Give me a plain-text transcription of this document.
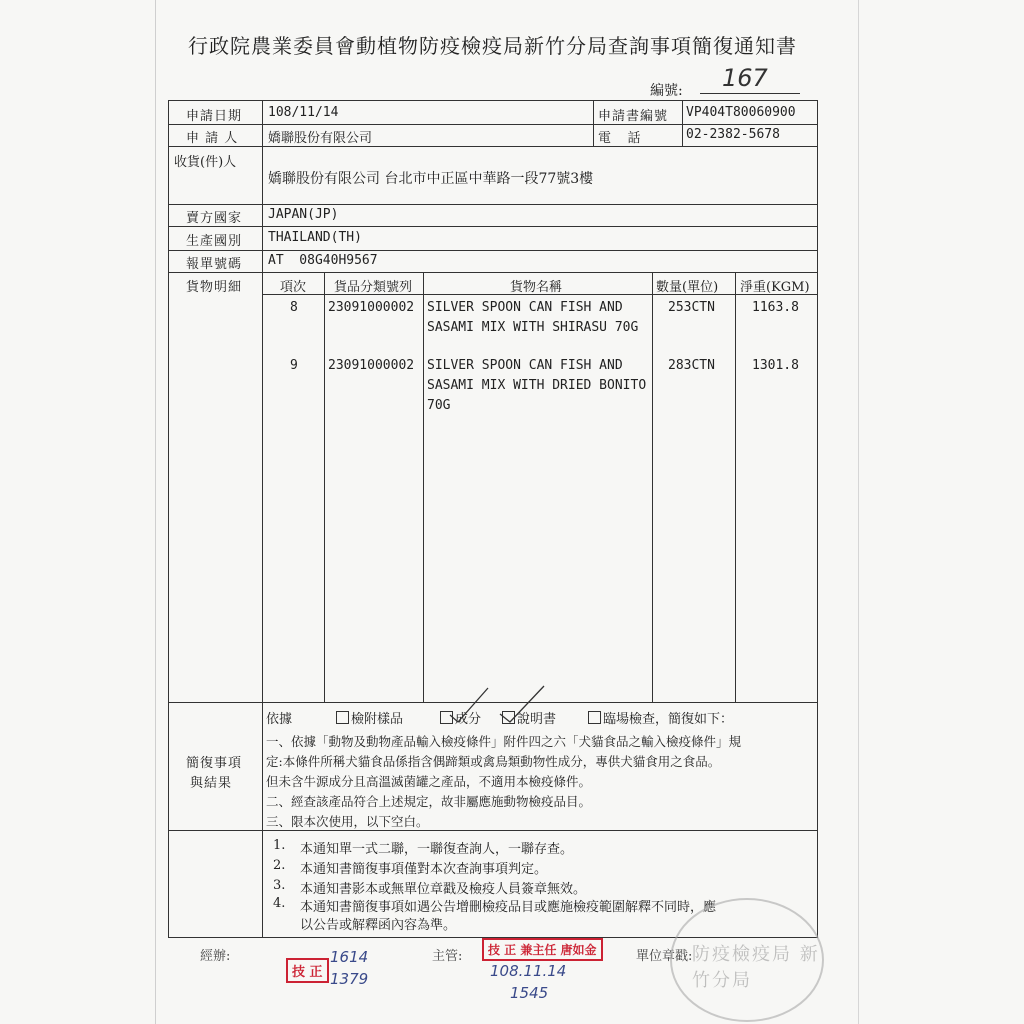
行政院農業委員會動植物防疫檢疫局新竹分局查詢事項簡復通知書
編號: 167
申請日期 108/11/14	申請書編號 VP404T80060900
申 請 人 嬌聯股份有限公司	電    話	02-2382-5678
收貨(件)人
嬌聯股份有限公司 台北市中正區中華路一段77號3樓
賣方國家 JAPAN(JP)
生產國別 THAILAND(TH)
報單號碼 AT  08G40H9567
貨物明細	項次 貨品分類號列	貨物名稱	數量(單位) 淨重(KGM)
8 23091000002 SILVER SPOON CAN FISH AND
SASAMI MIX WITH SHIRASU 70G
253CTN	1163.8
9 23091000002 SILVER SPOON CAN FISH AND
SASAMI MIX WITH DRIED BONITO
70G
283CTN	1301.8
簡復事項
與結果
依據	檢附樣品	成分	說明書	臨場檢查，簡復如下：
一、依據「動物及動物產品輸入檢疫條件」附件四之六「犬貓食品之輸入檢疫條件」規
定:本條件所稱犬貓食品係指含偶蹄類或禽鳥類動物性成分，專供犬貓食用之食品。
但未含牛源成分且高溫滅菌罐之產品，不適用本檢疫條件。
二、經查該產品符合上述規定，故非屬應施動物檢疫品目。
三、限本次使用，以下空白。
1. 本通知單一式二聯，一聯復查詢人，一聯存查。
2. 本通知書簡復事項僅對本次查詢事項判定。
3. 本通知書影本或無單位章戳及檢疫人員簽章無效。
4. 本通知書簡復事項如遇公告增刪檢疫品目或應施檢疫範圍解釋不同時，應
以公告或解釋函內容為準。
經辦:
技 正
1614
1379
主管:	技 正 兼主任 唐如金
108.11.14
1545
單位章戳: 防疫檢疫局 新竹分局
